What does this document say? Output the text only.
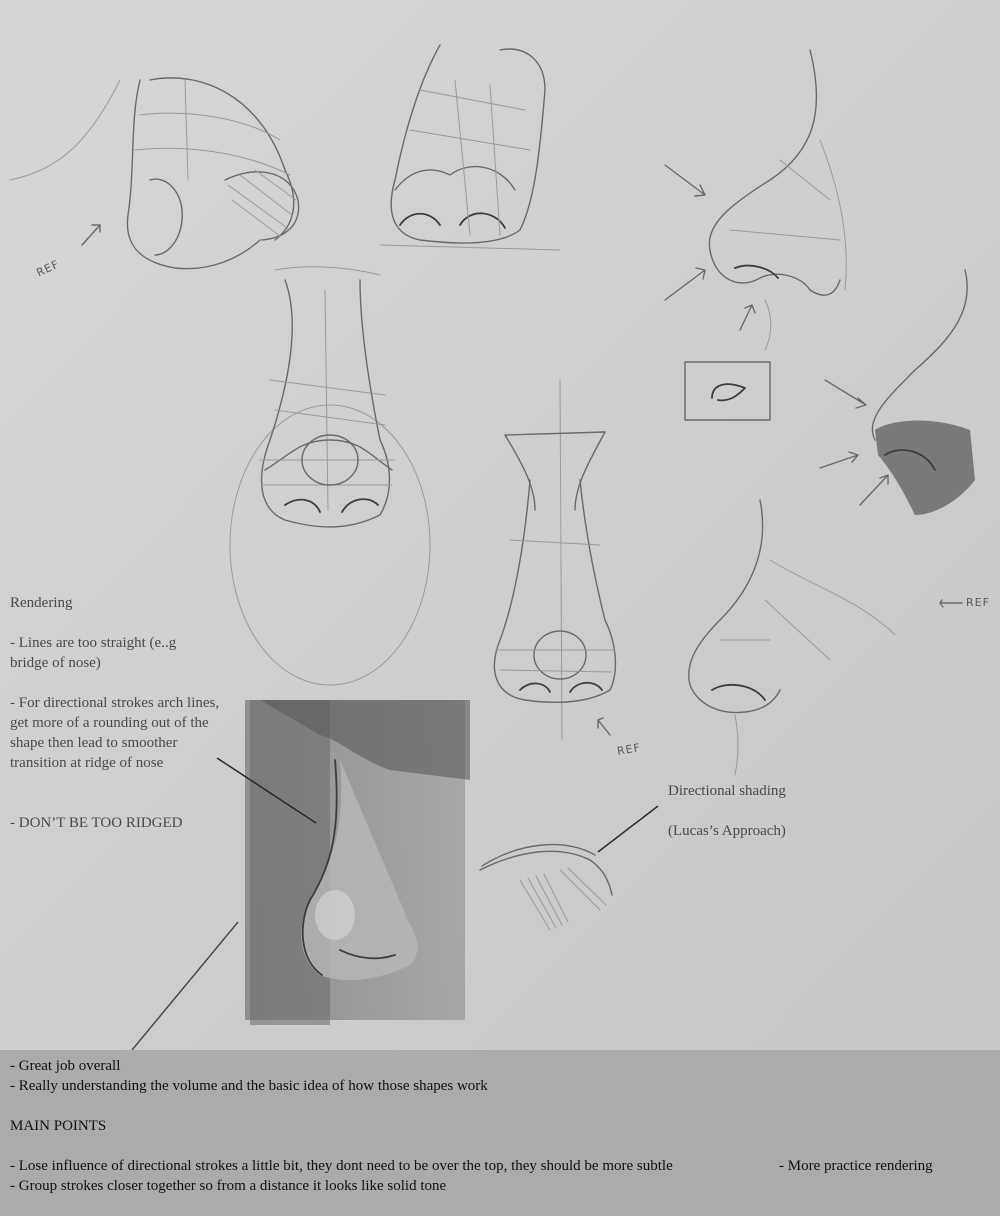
REF
REF
REF
Rendering
- Lines are too straight (e..g bridge of nose)
- For directional strokes arch lines, get more of a rounding out of the shape then lead to smoother transition at ridge of nose
- DON’T BE TOO RIDGED
Directional shading
(Lucas’s Approach)
- Great job overall
- Really understanding the volume and the basic idea of how those shapes work
MAIN POINTS
- Lose influence of directional strokes a little bit, they dont need to be over the top, they should be more subtle	- More practice rendering
- Group strokes closer together so from a distance it looks like solid tone
